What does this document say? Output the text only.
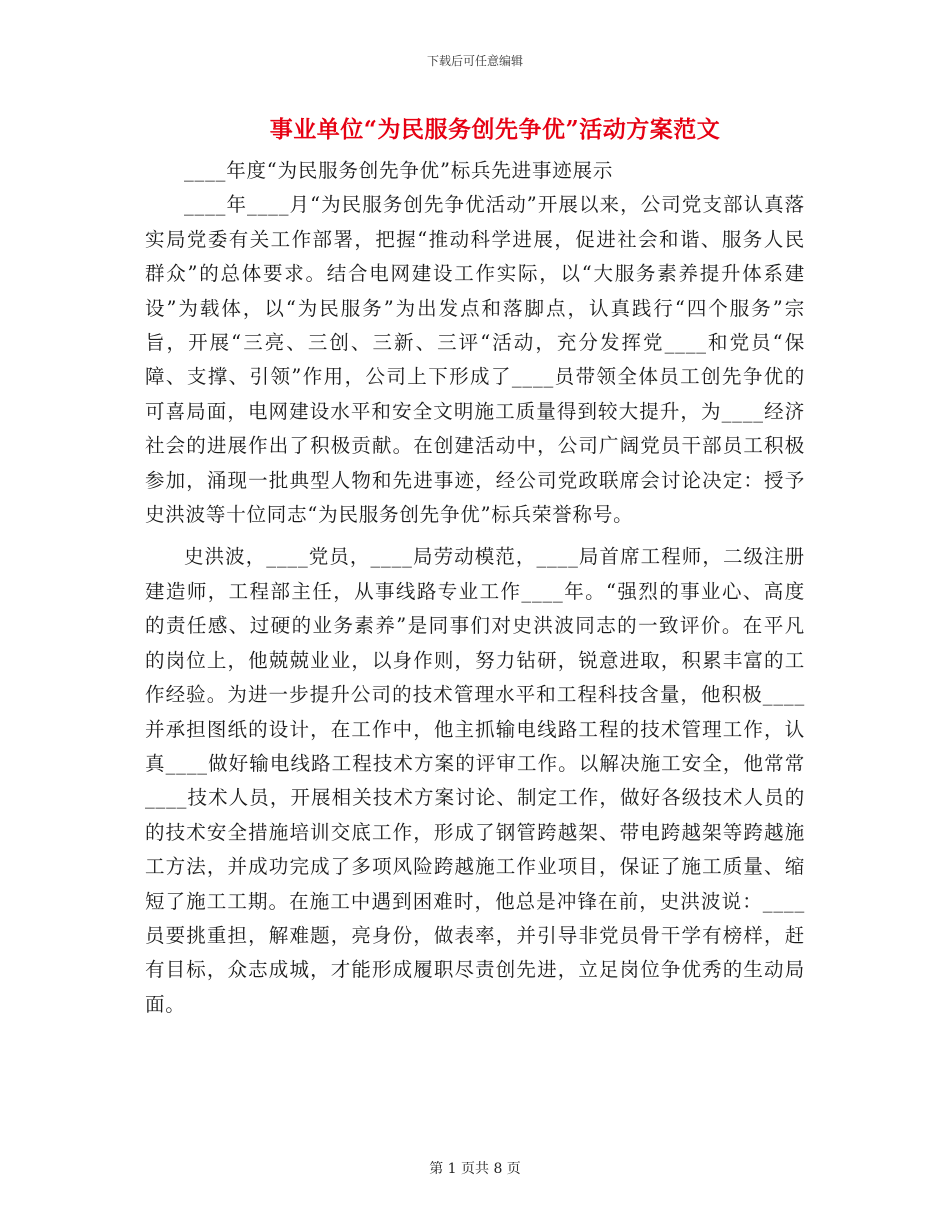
下载后可任意编辑
事业单位“为民服务创先争优”活动方案范文

____年度“为民服务创先争优”标兵先进事迹展示

____年____月“为民服务创先争优活动”开展以来，公司党支部认真落实局党委有关工作部署，把握“推动科学进展，促进社会和谐、服务人民群众”的总体要求。结合电网建设工作实际，以“大服务素养提升体系建设”为载体，以“为民服务”为出发点和落脚点，认真践行“四个服务”宗旨，开展“三亮、三创、三新、三评“活动，充分发挥党____和党员“保障、支撑、引领”作用，公司上下形成了____员带领全体员工创先争优的可喜局面，电网建设水平和安全文明施工质量得到较大提升，为____经济社会的进展作出了积极贡献。在创建活动中，公司广阔党员干部员工积极参加，涌现一批典型人物和先进事迹，经公司党政联席会讨论决定：授予史洪波等十位同志“为民服务创先争优”标兵荣誉称号。

史洪波，____党员，____局劳动模范，____局首席工程师，二级注册建造师，工程部主任，从事线路专业工作____年。“强烈的事业心、高度的责任感、过硬的业务素养”是同事们对史洪波同志的一致评价。在平凡的岗位上，他兢兢业业，以身作则，努力钻研，锐意进取，积累丰富的工作经验。为进一步提升公司的技术管理水平和工程科技含量，他积极____并承担图纸的设计，在工作中，他主抓输电线路工程的技术管理工作，认真____做好输电线路工程技术方案的评审工作。以解决施工安全，他常常____技术人员，开展相关技术方案讨论、制定工作，做好各级技术人员的的技术安全措施培训交底工作，形成了钢管跨越架、带电跨越架等跨越施工方法，并成功完成了多项风险跨越施工作业项目，保证了施工质量、缩短了施工工期。在施工中遇到困难时，他总是冲锋在前，史洪波说：____员要挑重担，解难题，亮身份，做表率，并引导非党员骨干学有榜样，赶有目标，众志成城，才能形成履职尽责创先进，立足岗位争优秀的生动局面。

第 1 页共 8 页
